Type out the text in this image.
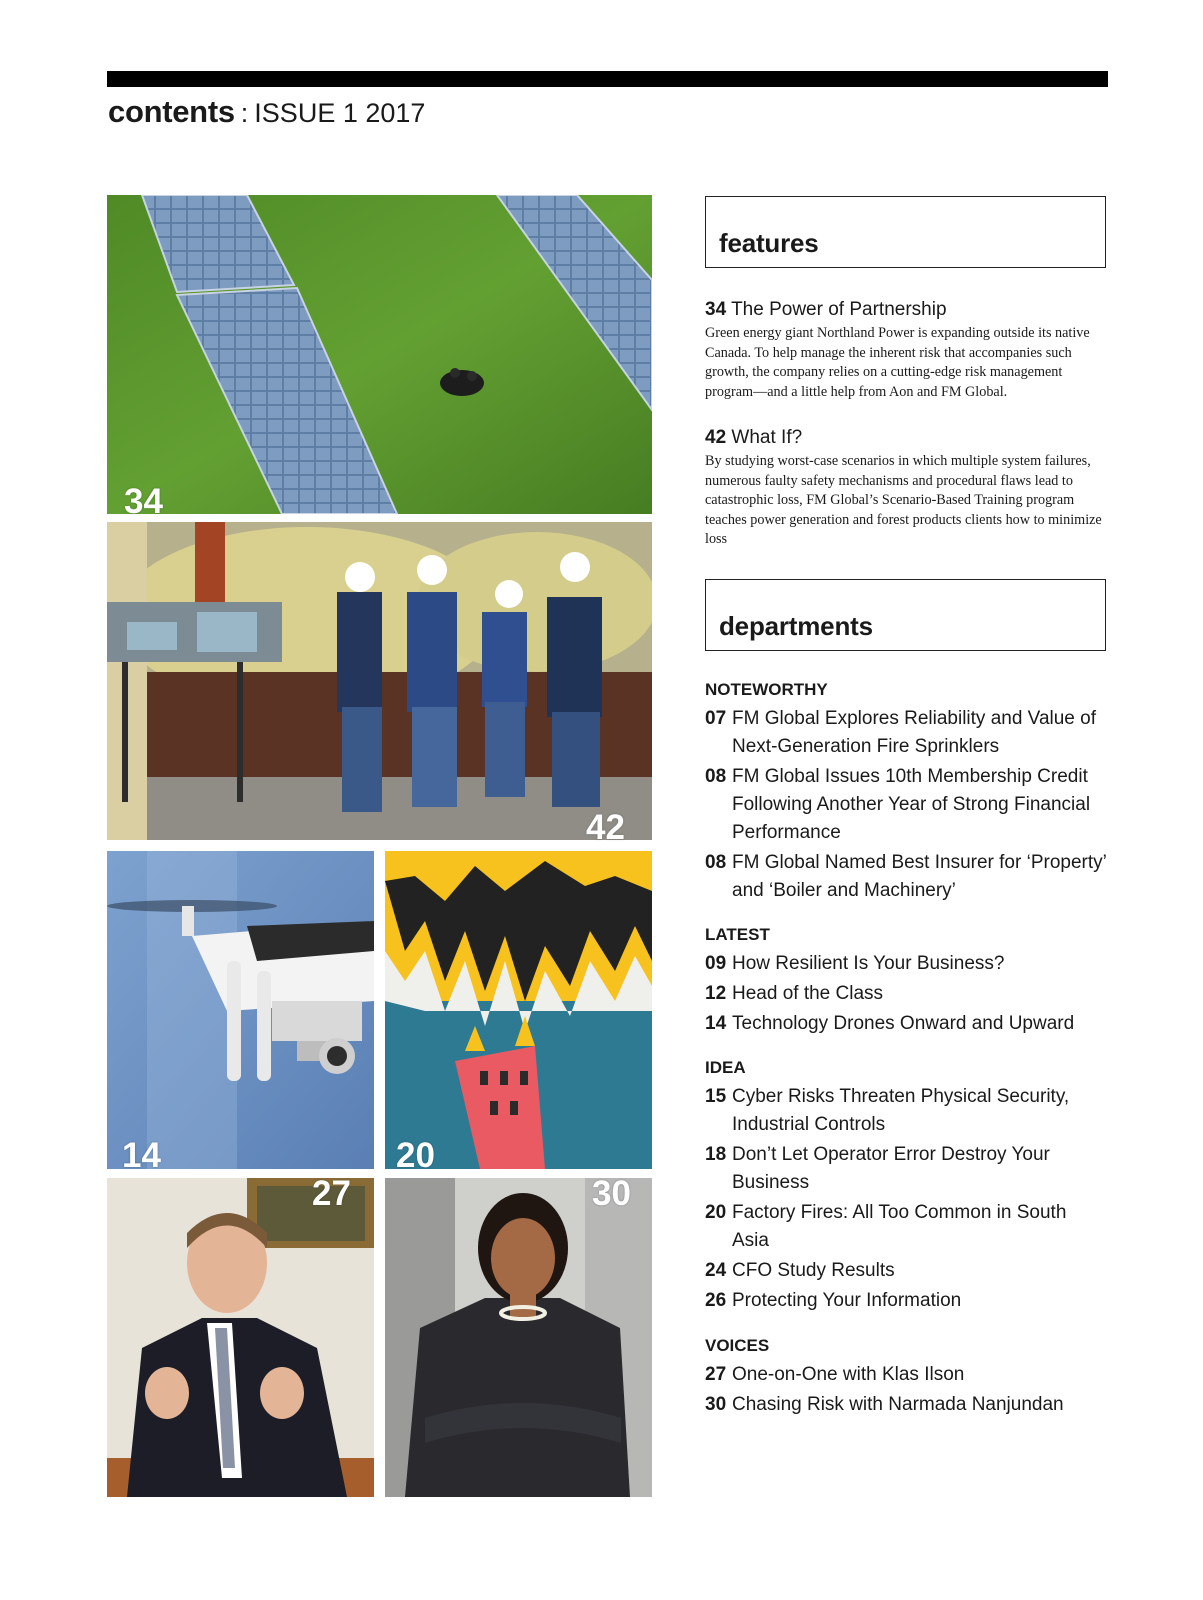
contents : ISSUE 1 2017
34
42
14	20
27	30
features
34 The Power of Partnership
Green energy giant Northland Power is expanding outside its native Canada. To help manage the inherent risk that accompanies such growth, the company relies on a cutting-edge risk management program—and a little help from Aon and FM Global.
42 What If?
By studying worst-case scenarios in which multiple system failures, numerous faulty safety mechanisms and procedural flaws lead to catastrophic loss, FM Global’s Scenario-Based Training program teaches power generation and forest products clients how to minimize loss
departments
NOTEWORTHY
07 FM Global Explores Reliability and Value of Next-Generation Fire Sprinklers
08 FM Global Issues 10th Membership Credit Following Another Year of Strong Financial Performance
08 FM Global Named Best Insurer for ‘Property’ and ‘Boiler and Machinery’
LATEST
09 How Resilient Is Your Business?
12 Head of the Class
14 Technology Drones Onward and Upward
IDEA
15 Cyber Risks Threaten Physical Security, Industrial Controls
18 Don’t Let Operator Error Destroy Your Business
20 Factory Fires: All Too Common in South Asia
24 CFO Study Results
26 Protecting Your Information
VOICES
27 One-on-One with Klas Ilson
30 Chasing Risk with Narmada Nanjundan
